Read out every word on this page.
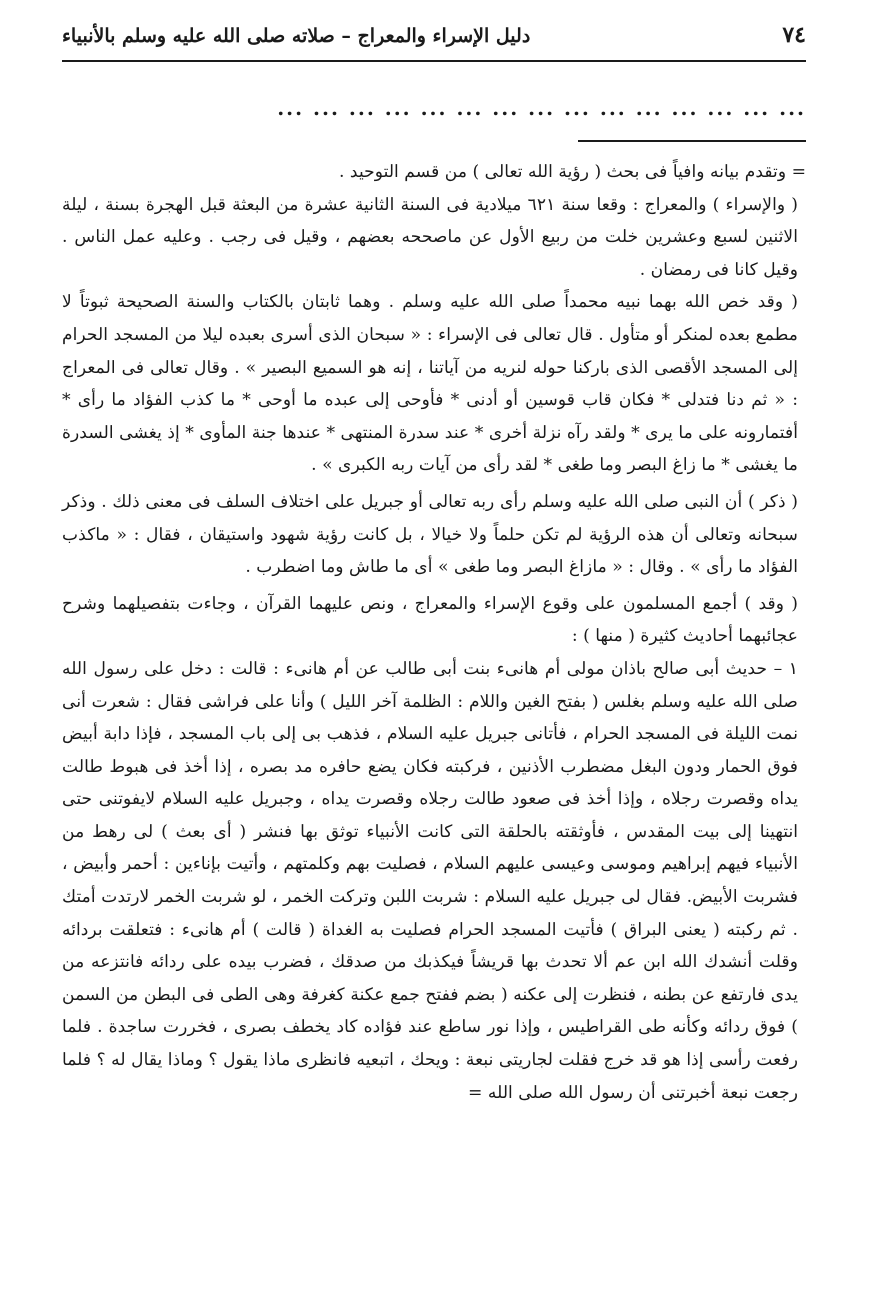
٧٤
دليل الإسراء والمعراج – صلاته صلى الله عليه وسلم بالأنبياء
... ... ... ... ... ... ... ... ... ... ... ... ... ... ...

= وتقدم بيانه وافياً فى بحث ( رؤية الله تعالى ) من قسم التوحيد .

( والإسراء ) والمعراج : وقعا سنة ٦٢١ ميلادية فى السنة الثانية عشرة من البعثة قبل الهجرة بسنة ، ليلة الاثنين لسبع وعشرين خلت من ربيع الأول عن ماصححه بعضهم ، وقيل فى رجب . وعليه عمل الناس . وقيل كانا فى رمضان .

( وقد خص الله بهما نبيه محمداً صلى الله عليه وسلم . وهما ثابتان بالكتاب والسنة الصحيحة ثبوتاً لا مطمع بعده لمنكر أو متأول . قال تعالى فى الإسراء : « سبحان الذى أسرى بعبده ليلا من المسجد الحرام إلى المسجد الأقصى الذى باركنا حوله لنريه من آياتنا ، إنه هو السميع البصير » . وقال تعالى فى المعراج : « ثم دنا فتدلى * فكان قاب قوسين أو أدنى * فأوحى إلى عبده ما أوحى * ما كذب الفؤاد ما رأى * أفتمارونه على ما يرى * ولقد رآه نزلة أخرى * عند سدرة المنتهى * عندها جنة المأوى * إذ يغشى السدرة ما يغشى * ما زاغ البصر وما طغى * لقد رأى من آيات ربه الكبرى » .

( ذكر ) أن النبى صلى الله عليه وسلم رأى ربه تعالى أو جبريل على اختلاف السلف فى معنى ذلك . وذكر سبحانه وتعالى أن هذه الرؤية لم تكن حلماً ولا خيالا ، بل كانت رؤية شهود واستيقان ، فقال : « ماكذب الفؤاد ما رأى » . وقال : « مازاغ البصر وما طغى » أى ما طاش وما اضطرب .

( وقد ) أجمع المسلمون على وقوع الإسراء والمعراج ، ونص عليهما القرآن ، وجاءت بتفصيلهما وشرح عجائبهما أحاديث كثيرة ( منها ) :

١ – حديث أبى صالح باذان مولى أم هانىء بنت أبى طالب عن أم هانىء : قالت : دخل على رسول الله صلى الله عليه وسلم بغلس ( بفتح الغين واللام : الظلمة آخر الليل ) وأنا على فراشى فقال : شعرت أنى نمت الليلة فى المسجد الحرام ، فأتانى جبريل عليه السلام ، فذهب بى إلى باب المسجد ، فإذا دابة أبيض فوق الحمار ودون البغل مضطرب الأذنين ، فركبته فكان يضع حافره مد بصره ، إذا أخذ فى هبوط طالت يداه وقصرت رجلاه ، وإذا أخذ فى صعود طالت رجلاه وقصرت يداه ، وجبريل عليه السلام لايفوتنى حتى انتهينا إلى بيت المقدس ، فأوثقته بالحلقة التى كانت الأنبياء توثق بها فنشر ( أى بعث ) لى رهط من الأنبياء فيهم إبراهيم وموسى وعيسى عليهم السلام ، فصليت بهم وكلمتهم ، وأتيت بإناءين : أحمر وأبيض ، فشربت الأبيض. فقال لى جبريل عليه السلام : شربت اللبن وتركت الخمر ، لو شربت الخمر لارتدت أمتك . ثم ركبته ( يعنى البراق ) فأتيت المسجد الحرام فصليت به الغداة ( قالت ) أم هانىء : فتعلقت بردائه وقلت أنشدك الله ابن عم ألا تحدث بها قريشاً فيكذبك من صدقك ، فضرب بيده على ردائه فانتزعه من يدى فارتفع عن بطنه ، فنظرت إلى عكنه ( بضم ففتح جمع عكنة كغرفة وهى الطى فى البطن من السمن ) فوق ردائه وكأنه طى القراطيس ، وإذا نور ساطع عند فؤاده كاد يخطف بصرى ، فخررت ساجدة . فلما رفعت رأسى إذا هو قد خرج فقلت لجاريتى نبعة : ويحك ، اتبعيه فانظرى ماذا يقول ؟ وماذا يقال له ؟ فلما رجعت نبعة أخبرتنى أن رسول الله صلى الله =
